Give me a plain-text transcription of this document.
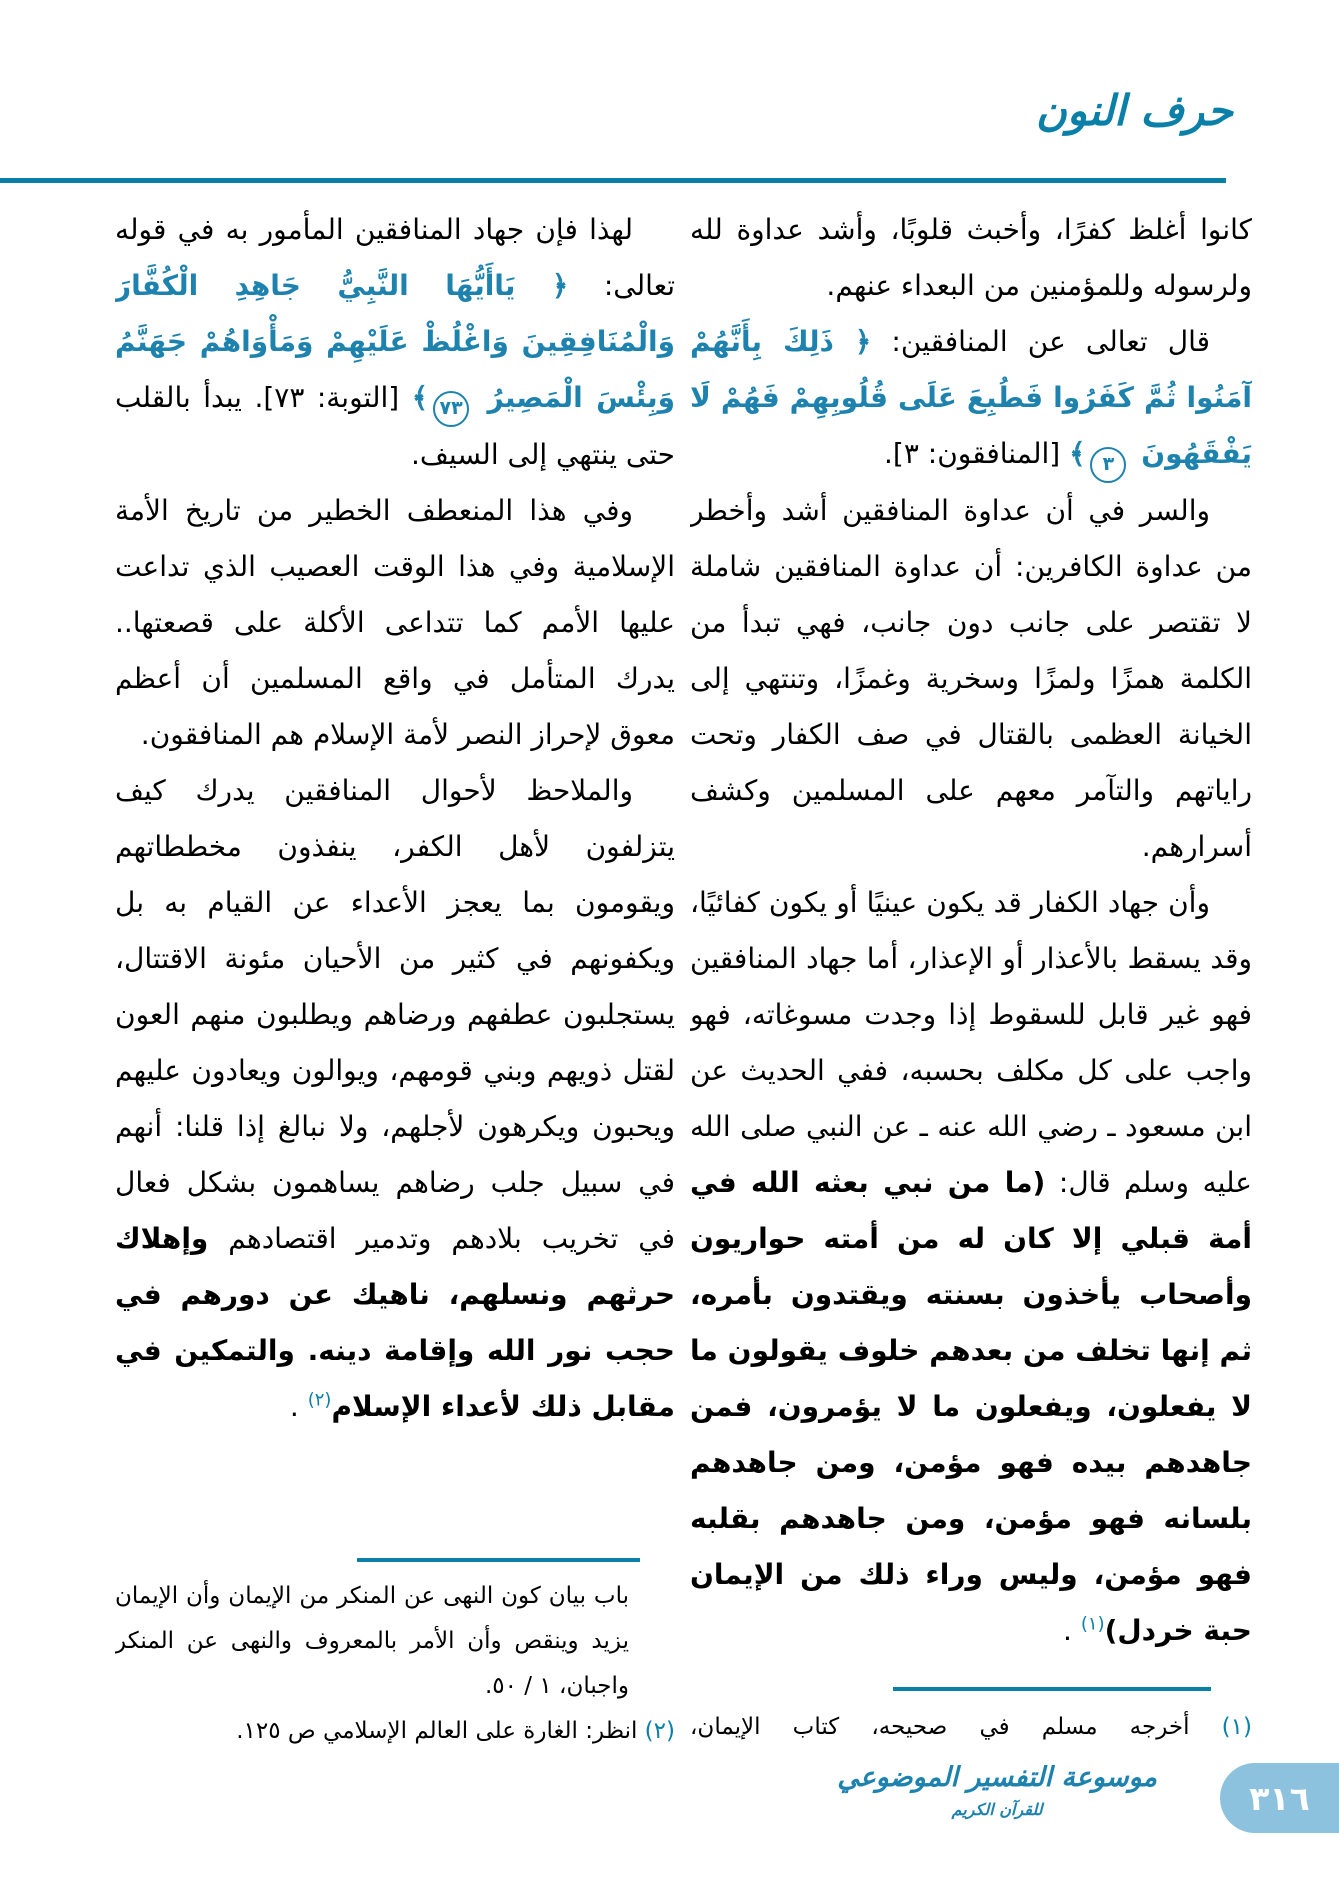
حرف النون

كانوا أغلظ كفرًا، وأخبث قلوبًا، وأشد عداوة لله ولرسوله وللمؤمنين من البعداء عنهم.

قال تعالى عن المنافقين: ﴿ ذَلِكَ بِأَنَّهُمْ آمَنُوا ثُمَّ كَفَرُوا فَطُبِعَ عَلَى قُلُوبِهِمْ فَهُمْ لَا يَفْقَهُونَ ٣﴾ [المنافقون: ٣].

والسر في أن عداوة المنافقين أشد وأخطر من عداوة الكافرين: أن عداوة المنافقين شاملة لا تقتصر على جانب دون جانب، فهي تبدأ من الكلمة همزًا ولمزًا وسخرية وغمزًا، وتنتهي إلى الخيانة العظمى بالقتال في صف الكفار وتحت راياتهم والتآمر معهم على المسلمين وكشف أسرارهم.

وأن جهاد الكفار قد يكون عينيًا أو يكون كفائيًا، وقد يسقط بالأعذار أو الإعذار، أما جهاد المنافقين فهو غير قابل للسقوط إذا وجدت مسوغاته، فهو واجب على كل مكلف بحسبه، ففي الحديث عن ابن مسعود ـ رضي الله عنه ـ عن النبي صلى الله عليه وسلم قال: (ما من نبي بعثه الله في أمة قبلي إلا كان له من أمته حواريون وأصحاب يأخذون بسنته ويقتدون بأمره، ثم إنها تخلف من بعدهم خلوف يقولون ما لا يفعلون، ويفعلون ما لا يؤمرون، فمن جاهدهم بيده فهو مؤمن، ومن جاهدهم بلسانه فهو مؤمن، ومن جاهدهم بقلبه فهو مؤمن، وليس وراء ذلك من الإيمان حبة خردل)$^{(١)}$ .

(١) أخرجه مسلم في صحيحه، كتاب الإيمان،

لهذا فإن جهاد المنافقين المأمور به في قوله تعالى: ﴿ يَاأَيُّهَا النَّبِيُّ جَاهِدِ الْكُفَّارَ وَالْمُنَافِقِينَ وَاغْلُظْ عَلَيْهِمْ وَمَأْوَاهُمْ جَهَنَّمُ وَبِئْسَ الْمَصِيرُ ٧٣﴾ [التوبة: ٧٣]. يبدأ بالقلب حتى ينتهي إلى السيف.

وفي هذا المنعطف الخطير من تاريخ الأمة الإسلامية وفي هذا الوقت العصيب الذي تداعت عليها الأمم كما تتداعى الأكلة على قصعتها.. يدرك المتأمل في واقع المسلمين أن أعظم معوق لإحراز النصر لأمة الإسلام هم المنافقون.

والملاحظ لأحوال المنافقين يدرك كيف يتزلفون لأهل الكفر، ينفذون مخططاتهم ويقومون بما يعجز الأعداء عن القيام به بل ويكفونهم في كثير من الأحيان مئونة الاقتتال، يستجلبون عطفهم ورضاهم ويطلبون منهم العون لقتل ذويهم وبني قومهم، ويوالون ويعادون عليهم ويحبون ويكرهون لأجلهم، ولا نبالغ إذا قلنا: أنهم في سبيل جلب رضاهم يساهمون بشكل فعال في تخريب بلادهم وتدمير اقتصادهم وإهلاك حرثهم ونسلهم، ناهيك عن دورهم في حجب نور الله وإقامة دينه. والتمكين في مقابل ذلك لأعداء الإسلام$^{(٢)}$ .

باب بيان كون النهى عن المنكر من الإيمان وأن الإيمان يزيد وينقص وأن الأمر بالمعروف والنهى عن المنكر واجبان، ١ / ٥٠.
(٢) انظر: الغارة على العالم الإسلامي ص ١٢٥.
موسوعة التفسير الموضوعي
للقرآن الكريم	٣١٦
